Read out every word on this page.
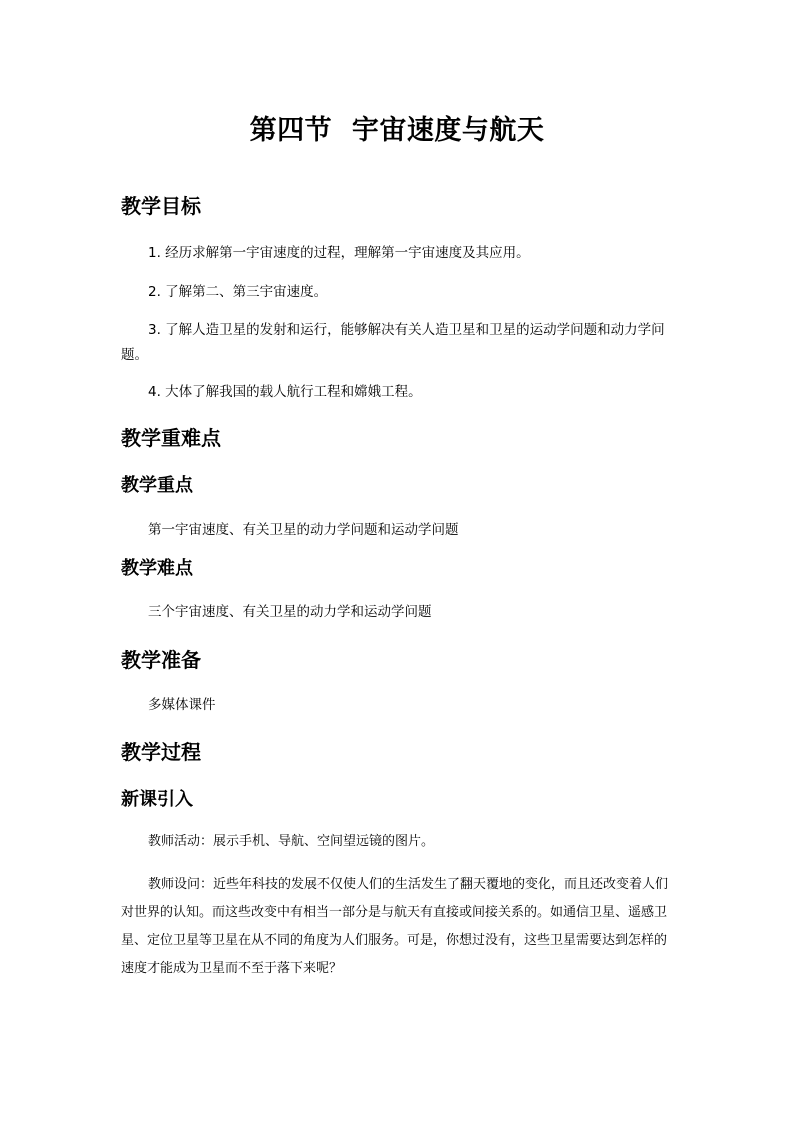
第四节  宇宙速度与航天
教学目标

1. 经历求解第一宇宙速度的过程，理解第一宇宙速度及其应用。

2. 了解第二、第三宇宙速度。

3. 了解人造卫星的发射和运行，能够解决有关人造卫星和卫星的运动学问题和动力学问题。

4. 大体了解我国的载人航行工程和嫦娥工程。

教学重难点
教学重点

第一宇宙速度、有关卫星的动力学问题和运动学问题

教学难点

三个宇宙速度、有关卫星的动力学和运动学问题

教学准备

多媒体课件

教学过程
新课引入

教师活动：展示手机、导航、空间望远镜的图片。

教师设问：近些年科技的发展不仅使人们的生活发生了翻天覆地的变化，而且还改变着人们对世界的认知。而这些改变中有相当一部分是与航天有直接或间接关系的。如通信卫星、遥感卫星、定位卫星等卫星在从不同的角度为人们服务。可是，你想过没有，这些卫星需要达到怎样的速度才能成为卫星而不至于落下来呢？
